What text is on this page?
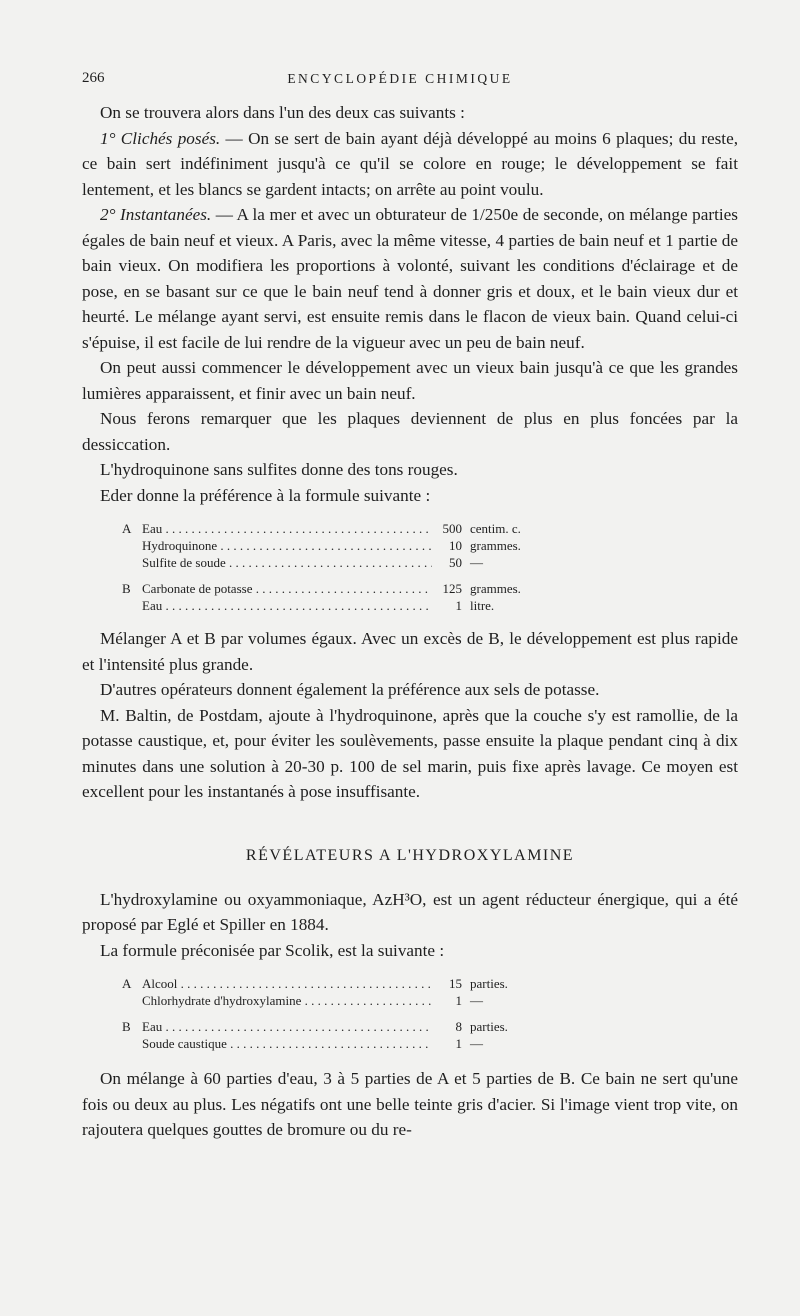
266	ENCYCLOPÉDIE CHIMIQUE

On se trouvera alors dans l'un des deux cas suivants :

1° Clichés posés. — On se sert de bain ayant déjà développé au moins 6 plaques; du reste, ce bain sert indéfiniment jusqu'à ce qu'il se colore en rouge; le développement se fait lentement, et les blancs se gardent intacts; on arrête au point voulu.

2° Instantanées. — A la mer et avec un obturateur de 1/250e de seconde, on mélange parties égales de bain neuf et vieux. A Paris, avec la même vitesse, 4 parties de bain neuf et 1 partie de bain vieux. On modifiera les proportions à volonté, suivant les conditions d'éclairage et de pose, en se basant sur ce que le bain neuf tend à donner gris et doux, et le bain vieux dur et heurté. Le mélange ayant servi, est ensuite remis dans le flacon de vieux bain. Quand celui-ci s'épuise, il est facile de lui rendre de la vigueur avec un peu de bain neuf.

On peut aussi commencer le développement avec un vieux bain jusqu'à ce que les grandes lumières apparaissent, et finir avec un bain neuf.

Nous ferons remarquer que les plaques deviennent de plus en plus foncées par la dessiccation.

L'hydroquinone sans sulfites donne des tons rouges.

Eder donne la préférence à la formule suivante :

A Eau . . .	500 centim. c.
Hydroquinone . . .	10 grammes.
Sulfite de soude . . .	50 —
B Carbonate de potasse . . .	125 grammes.
Eau . . .	1 litre.

Mélanger A et B par volumes égaux. Avec un excès de B, le développement est plus rapide et l'intensité plus grande.

D'autres opérateurs donnent également la préférence aux sels de potasse.

M. Baltin, de Postdam, ajoute à l'hydroquinone, après que la couche s'y est ramollie, de la potasse caustique, et, pour éviter les soulèvements, passe ensuite la plaque pendant cinq à dix minutes dans une solution à 20-30 p. 100 de sel marin, puis fixe après lavage. Ce moyen est excellent pour les instantanés à pose insuffisante.

RÉVÉLATEURS A L'HYDROXYLAMINE

L'hydroxylamine ou oxyammoniaque, AzH³O, est un agent réducteur énergique, qui a été proposé par Eglé et Spiller en 1884.

La formule préconisée par Scolik, est la suivante :

A Alcool . . .	15 parties.
Chlorhydrate d'hydroxylamine . . .	1 —
B Eau . . .	8 parties.
Soude caustique . . .	1 —

On mélange à 60 parties d'eau, 3 à 5 parties de A et 5 parties de B. Ce bain ne sert qu'une fois ou deux au plus. Les négatifs ont une belle teinte gris d'acier. Si l'image vient trop vite, on rajoutera quelques gouttes de bromure ou du re-
